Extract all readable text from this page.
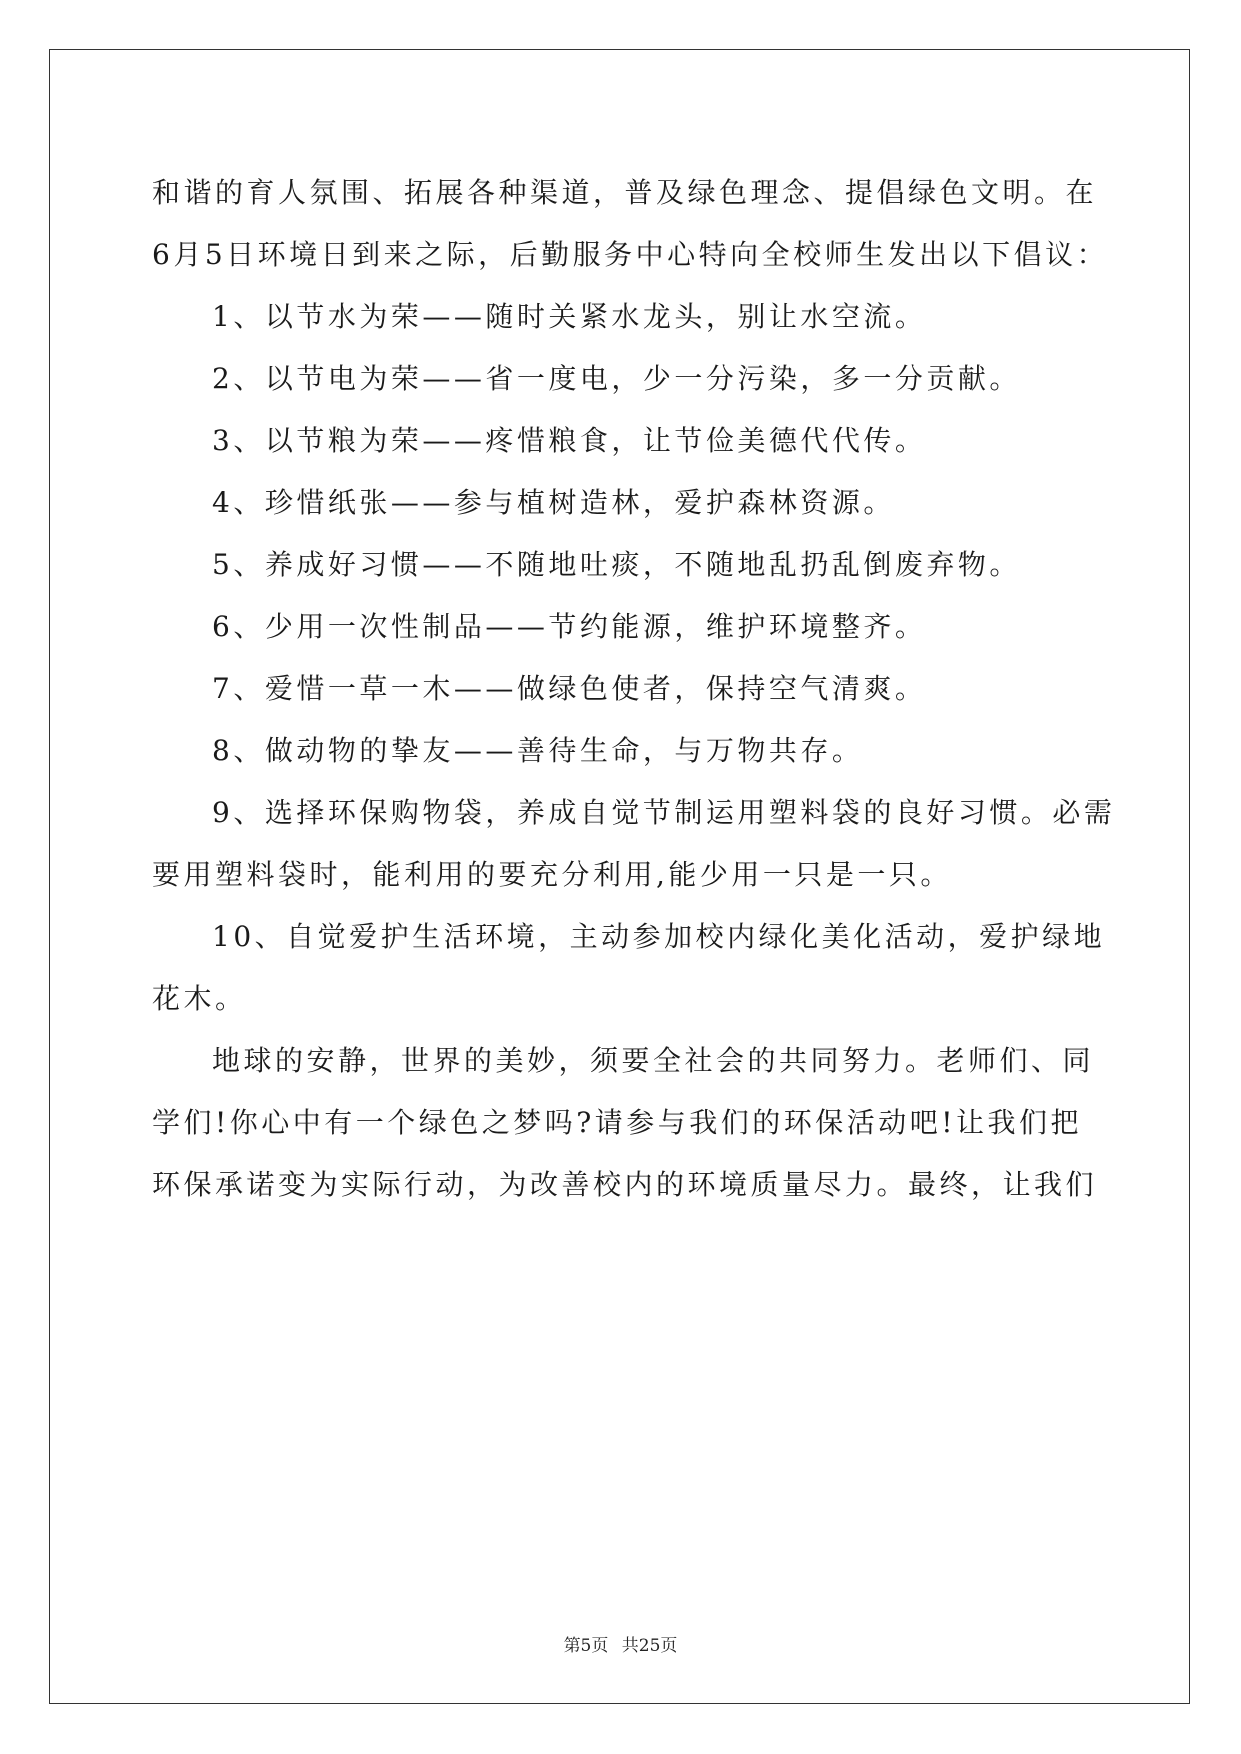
和谐的育人氛围、拓展各种渠道，普及绿色理念、提倡绿色文明。在

6月5日环境日到来之际，后勤服务中心特向全校师生发出以下倡议：

1、以节水为荣——随时关紧水龙头，别让水空流。

2、以节电为荣——省一度电，少一分污染，多一分贡献。

3、以节粮为荣——疼惜粮食，让节俭美德代代传。

4、珍惜纸张——参与植树造林，爱护森林资源。

5、养成好习惯——不随地吐痰，不随地乱扔乱倒废弃物。

6、少用一次性制品——节约能源，维护环境整齐。

7、爱惜一草一木——做绿色使者，保持空气清爽。

8、做动物的挚友——善待生命，与万物共存。

9、选择环保购物袋，养成自觉节制运用塑料袋的良好习惯。必需
要用塑料袋时，能利用的要充分利用,能少用一只是一只。
10、自觉爱护生活环境，主动参加校内绿化美化活动，爱护绿地
花木。
地球的安静，世界的美妙，须要全社会的共同努力。老师们、同
学们!你心中有一个绿色之梦吗?请参与我们的环保活动吧!让我们把
环保承诺变为实际行动，为改善校内的环境质量尽力。最终，让我们
第5页 共25页
